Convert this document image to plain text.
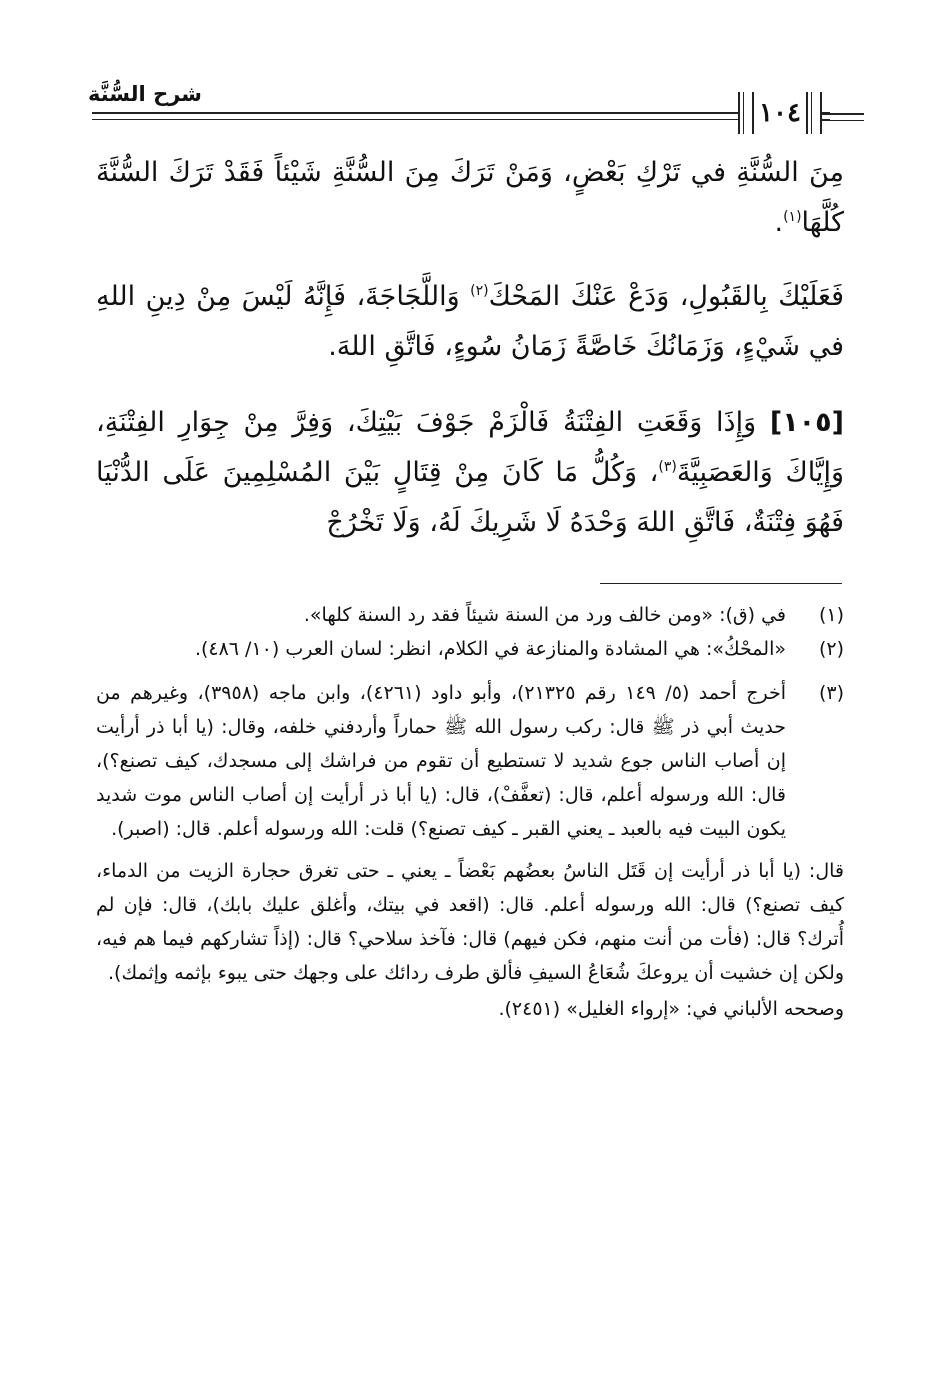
شرح السُّنَّة
١٠٤

مِنَ السُّنَّةِ في تَرْكِ بَعْضٍ، وَمَنْ تَرَكَ مِنَ السُّنَّةِ شَيْئاً فَقَدْ تَرَكَ السُّنَّةَ كُلَّهَا$^{(١)}$.

فَعَلَيْكَ بِالقَبُولِ، وَدَعْ عَنْكَ المَحْكَ$^{(٢)}$ وَاللَّجَاجَةَ، فَإِنَّهُ لَيْسَ مِنْ دِينِ اللهِ في شَيْءٍ، وَزَمَانُكَ خَاصَّةً زَمَانُ سُوءٍ، فَاتَّقِ اللهَ.

[١٠٥] وَإِذَا وَقَعَتِ الفِتْنَةُ فَالْزَمْ جَوْفَ بَيْتِكَ، وَفِرَّ مِنْ جِوَارِ الفِتْنَةِ، وَإِيَّاكَ وَالعَصَبِيَّةَ$^{(٣)}$، وَكُلُّ مَا كَانَ مِنْ قِتَالٍ بَيْنَ المُسْلِمِينَ عَلَى الدُّنْيَا فَهُوَ فِتْنَةٌ، فَاتَّقِ اللهَ وَحْدَهُ لَا شَرِيكَ لَهُ، وَلَا تَخْرُجْ

(١)

في (ق): «ومن خالف ورد من السنة شيئاً فقد رد السنة كلها».

(٢)

«المحْكُ»: هي المشادة والمنازعة في الكلام، انظر: لسان العرب (١٠/ ٤٨٦).

(٣)

أخرج أحمد (٥/ ١٤٩ رقم ٢١٣٢٥)، وأبو داود (٤٢٦١)، وابن ماجه (٣٩٥٨)، وغيرهم من حديث أبي ذر ﷺ قال: ركب رسول الله ﷺ حماراً وأردفني خلفه، وقال: (يا أبا ذر أرأيت إن أصاب الناس جوع شديد لا تستطيع أن تقوم من فراشك إلى مسجدك، كيف تصنع؟)، قال: الله ورسوله أعلم، قال: (تعفَّفْ)، قال: (يا أبا ذر أرأيت إن أصاب الناس موت شديد يكون البيت فيه بالعبد ـ يعني القبر ـ كيف تصنع؟) قلت: الله ورسوله أعلم. قال: (اصبر).

قال: (يا أبا ذر أرأيت إن قَتَل الناسُ بعضُهم بَعْضاً ـ يعني ـ حتى تغرق حجارة الزيت من الدماء، كيف تصنع؟) قال: الله ورسوله أعلم. قال: (اقعد في بيتك، وأغلق عليك بابك)، قال: فإن لم أُترك؟ قال: (فأت من أنت منهم، فكن فيهم) قال: فآخذ سلاحي؟ قال: (إذاً تشاركهم فيما هم فيه، ولكن إن خشيت أن يروعكَ شُعَاعُ السيفِ فألق طرف ردائك على وجهك حتى يبوء بإثمه وإثمك).

وصححه الألباني في: «إرواء الغليل» (٢٤٥١).
